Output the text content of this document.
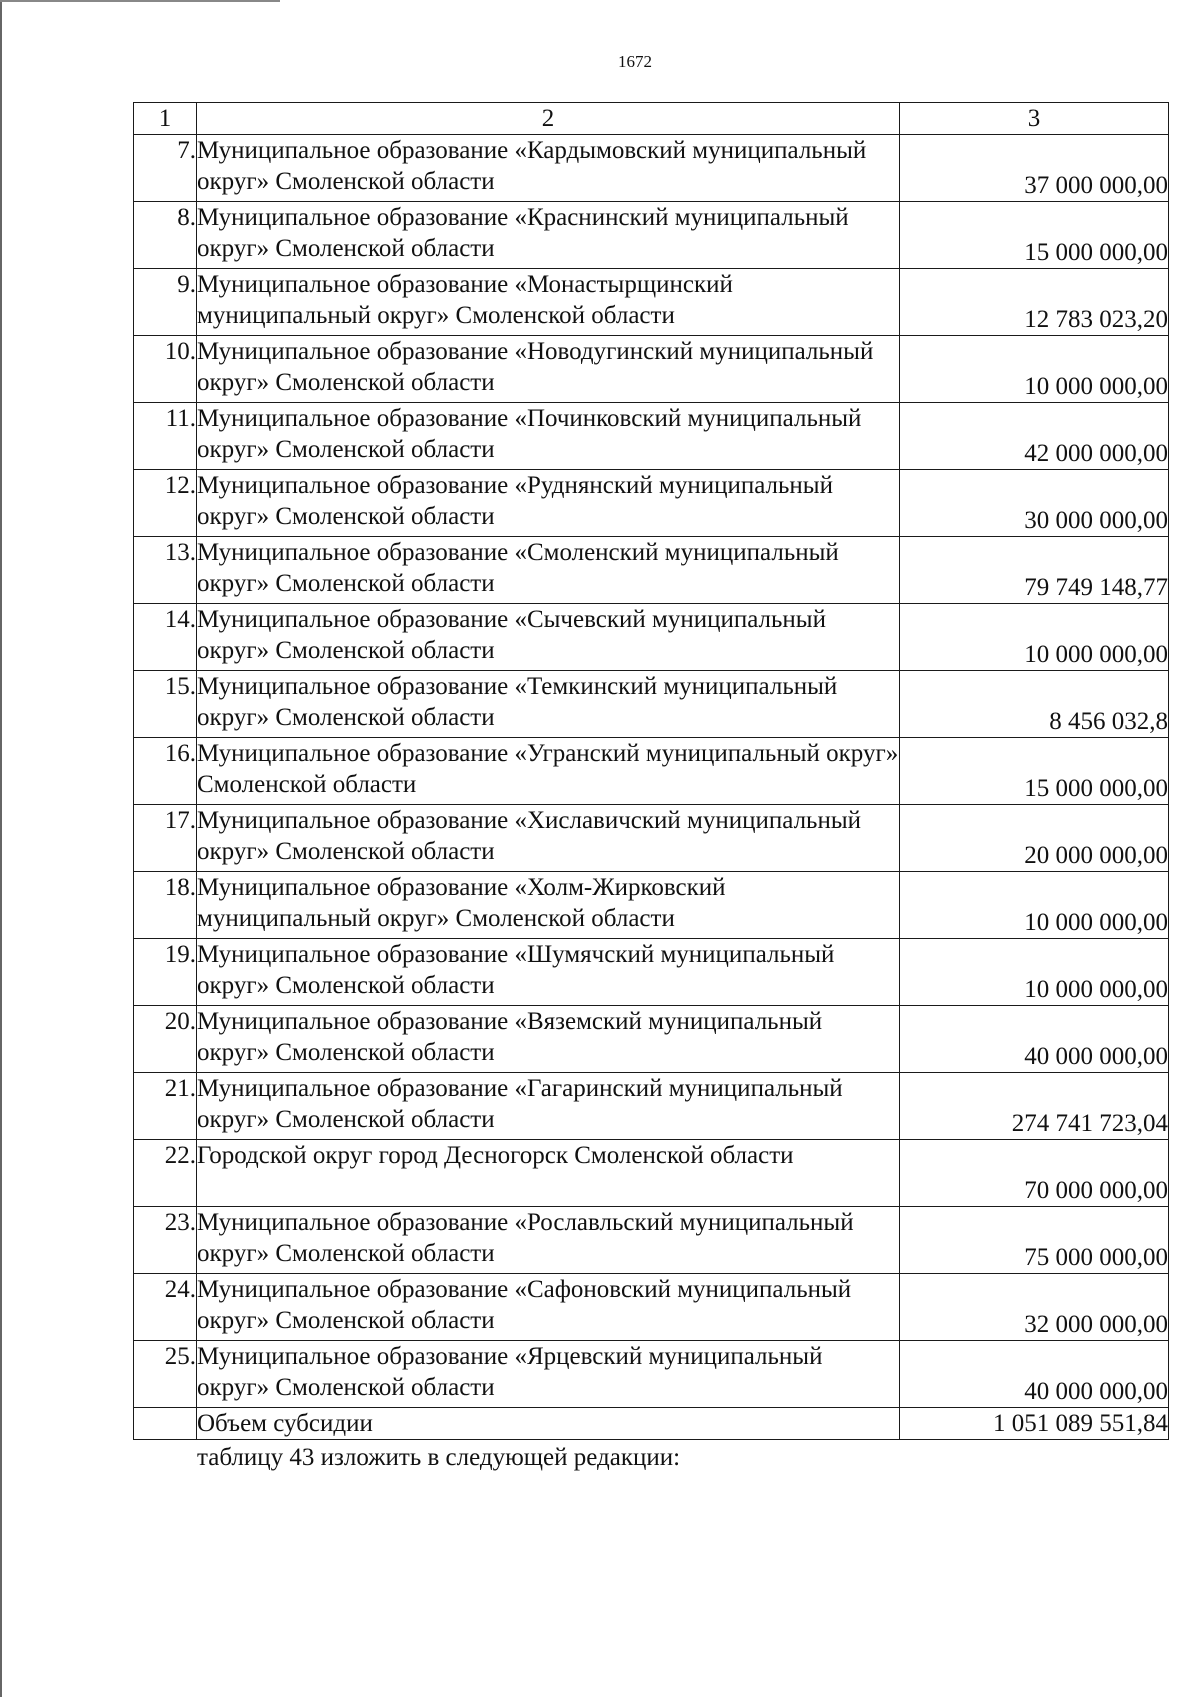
1672
1	2	3
7.	Муниципальное образование «Кардымовский муниципальный округ» Смоленской области	37 000 000,00
8.	Муниципальное образование «Краснинский муниципальный округ» Смоленской области	15 000 000,00
9.	Муниципальное образование «Монастырщинский муниципальный округ» Смоленской области	12 783 023,20
10.	Муниципальное образование «Новодугинский муниципальный округ» Смоленской области	10 000 000,00
11.	Муниципальное образование «Починковский муниципальный округ» Смоленской области	42 000 000,00
12.	Муниципальное образование «Руднянский муниципальный округ» Смоленской области	30 000 000,00
13.	Муниципальное образование «Смоленский муниципальный округ» Смоленской области	79 749 148,77
14.	Муниципальное образование «Сычевский муниципальный округ» Смоленской области	10 000 000,00
15.	Муниципальное образование «Темкинский муниципальный округ» Смоленской области	8 456 032,8
16.	Муниципальное образование «Угранский муниципальный округ» Смоленской области	15 000 000,00
17.	Муниципальное образование «Хиславичский муниципальный округ» Смоленской области	20 000 000,00
18.	Муниципальное образование «Холм-Жирковский муниципальный округ» Смоленской области	10 000 000,00
19.	Муниципальное образование «Шумячский муниципальный округ» Смоленской области	10 000 000,00
20.	Муниципальное образование «Вяземский муниципальный округ» Смоленской области	40 000 000,00
21.	Муниципальное образование «Гагаринский муниципальный округ» Смоленской области	274 741 723,04
22.	Городской округ город Десногорск Смоленской области	70 000 000,00
23.	Муниципальное образование «Рославльский муниципальный округ» Смоленской области	75 000 000,00
24.	Муниципальное образование «Сафоновский муниципальный округ» Смоленской области	32 000 000,00
25.	Муниципальное образование «Ярцевский муниципальный округ» Смоленской области	40 000 000,00
	Объем субсидии	1 051 089 551,84
таблицу 43 изложить в следующей редакции:
